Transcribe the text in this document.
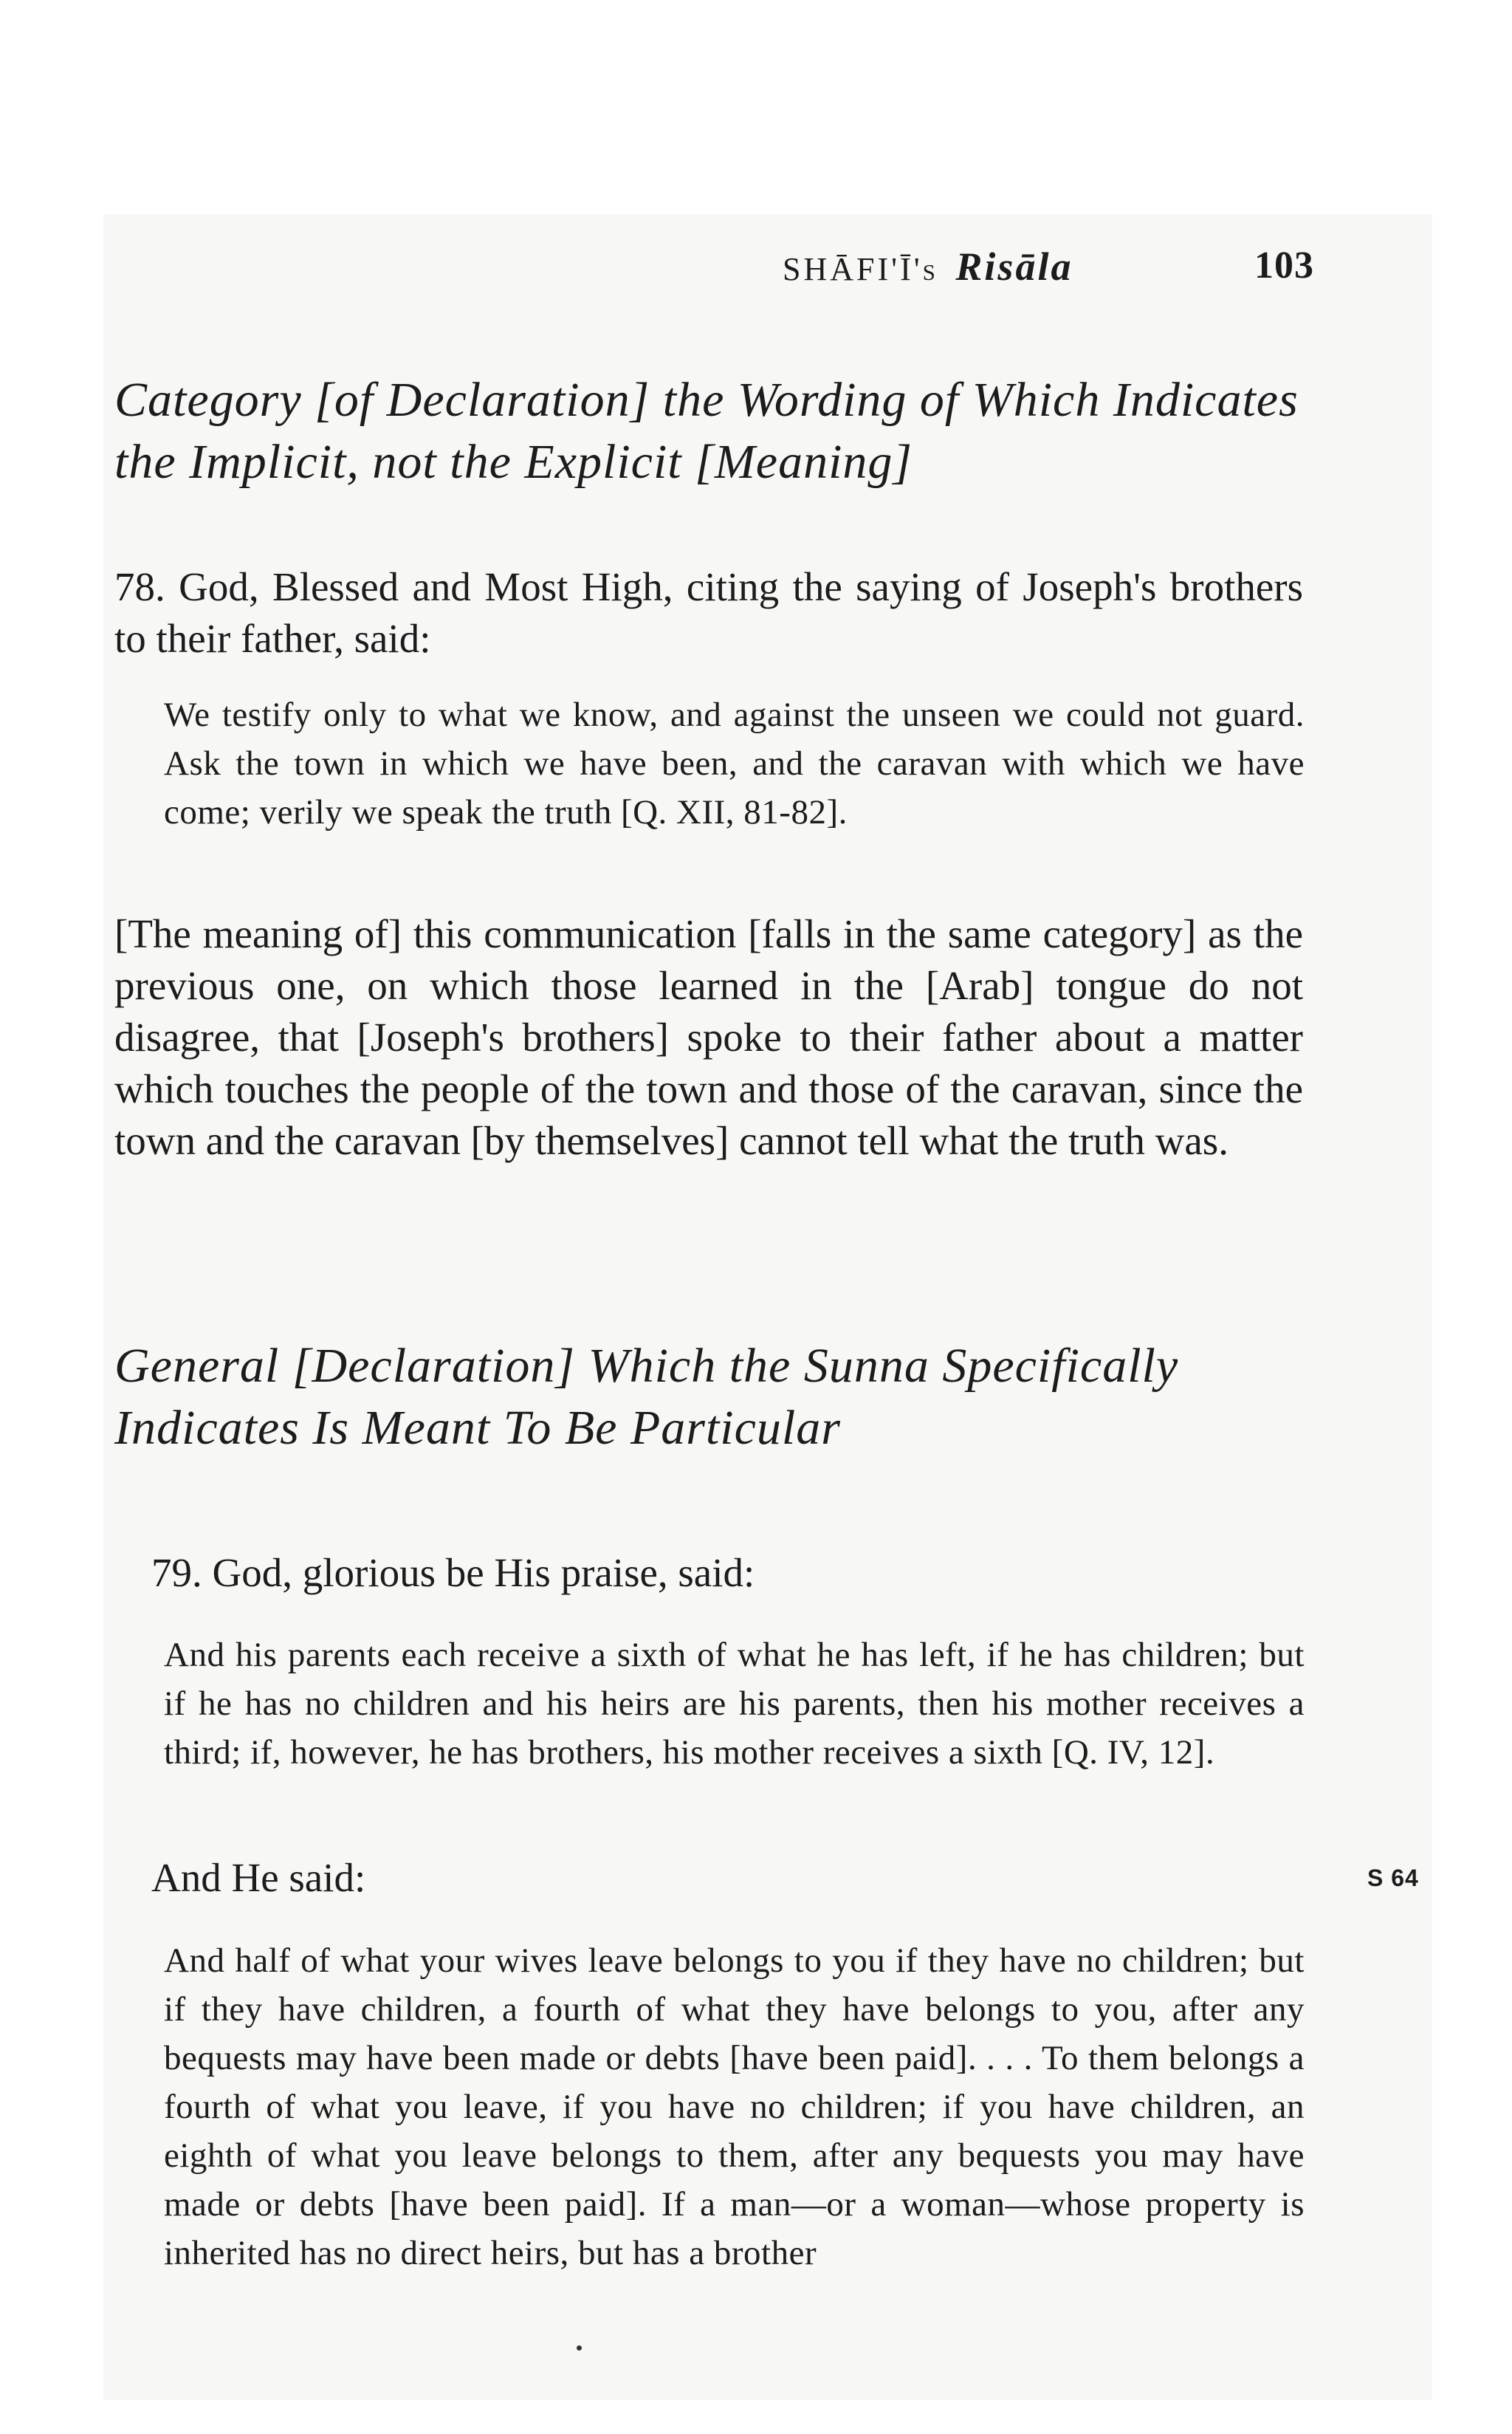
SHĀFI'Ī's Risāla	103
Category [of Declaration] the Wording of Which Indicates the Implicit, not the Explicit [Meaning]

78. God, Blessed and Most High, citing the saying of Joseph's brothers to their father, said:

We testify only to what we know, and against the unseen we could not guard. Ask the town in which we have been, and the caravan with which we have come; verily we speak the truth [Q. XII, 81-82].

[The meaning of] this communication [falls in the same category] as the previous one, on which those learned in the [Arab] tongue do not disagree, that [Joseph's brothers] spoke to their father about a matter which touches the people of the town and those of the caravan, since the town and the caravan [by themselves] cannot tell what the truth was.

General [Declaration] Which the Sunna Specifically Indicates Is Meant To Be Particular

79. God, glorious be His praise, said:

And his parents each receive a sixth of what he has left, if he has children; but if he has no children and his heirs are his parents, then his mother receives a third; if, however, he has brothers, his mother receives a sixth [Q. IV, 12].

And He said:	S 64

And half of what your wives leave belongs to you if they have no children; but if they have children, a fourth of what they have belongs to you, after any bequests may have been made or debts [have been paid]. . . . To them belongs a fourth of what you leave, if you have no children; if you have children, an eighth of what you leave belongs to them, after any bequests you may have made or debts [have been paid]. If a man—or a woman—whose property is inherited has no direct heirs, but has a brother
